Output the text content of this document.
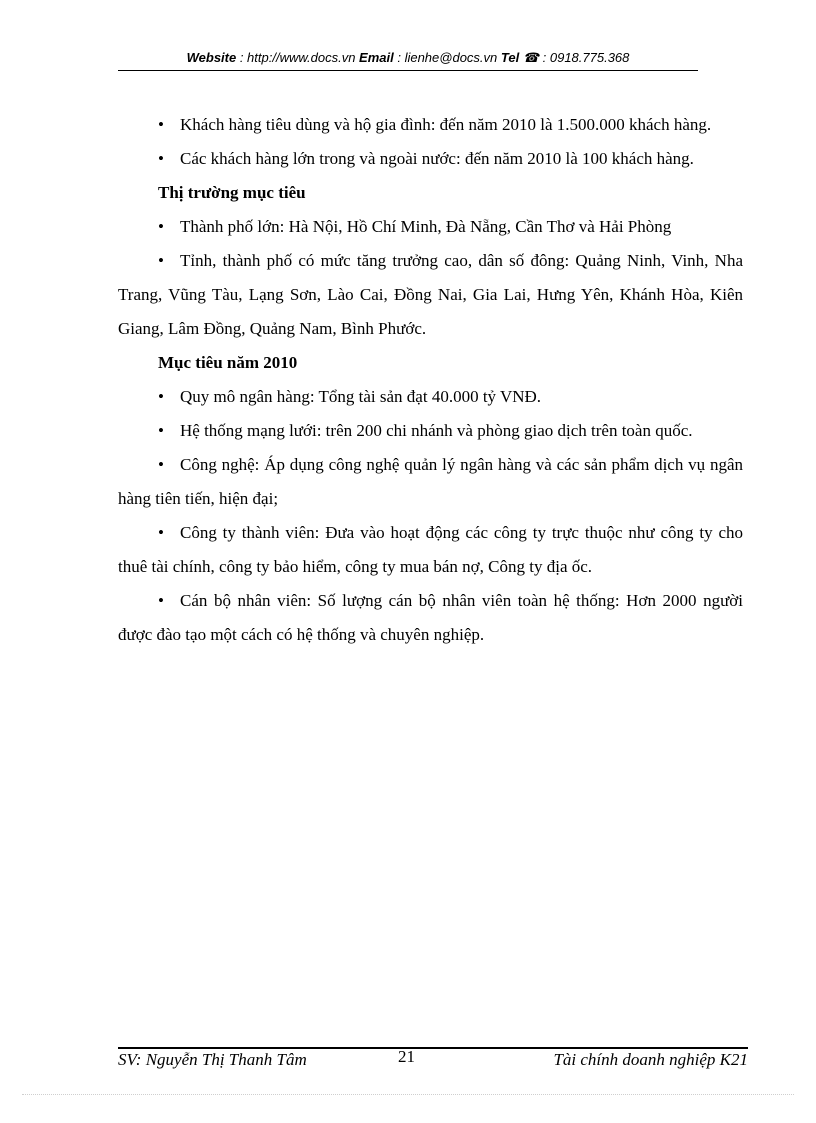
Website : http://www.docs.vn Email : lienhe@docs.vn Tel ☎ : 0918.775.368

• Khách hàng tiêu dùng và hộ gia đình: đến năm 2010 là 1.500.000 khách hàng.

• Các khách hàng lớn trong và ngoài nước: đến năm 2010 là 100 khách hàng.

Thị trường mục tiêu

• Thành phố lớn: Hà Nội, Hồ Chí Minh, Đà Nẵng, Cần Thơ và Hải Phòng

• Tỉnh, thành phố có mức tăng trưởng cao, dân số đông: Quảng Ninh, Vinh, Nha Trang, Vũng Tàu, Lạng Sơn, Lào Cai, Đồng Nai, Gia Lai, Hưng Yên, Khánh Hòa, Kiên Giang, Lâm Đồng, Quảng Nam, Bình Phước.

Mục tiêu năm 2010

• Quy mô ngân hàng: Tổng tài sản đạt 40.000 tỷ VNĐ.

• Hệ thống mạng lưới: trên 200 chi nhánh và phòng giao dịch trên toàn quốc.

• Công nghệ: Áp dụng công nghệ quản lý ngân hàng và các sản phẩm dịch vụ ngân hàng tiên tiến, hiện đại;

• Công ty thành viên: Đưa vào hoạt động các công ty trực thuộc như công ty cho thuê tài chính, công ty bảo hiểm, công ty mua bán nợ, Công ty địa ốc.

• Cán bộ nhân viên: Số lượng cán bộ nhân viên toàn hệ thống: Hơn 2000 người được đào tạo một cách có hệ thống và chuyên nghiệp.

SV: Nguyễn Thị Thanh Tâm	21	Tài chính doanh nghiệp K21
